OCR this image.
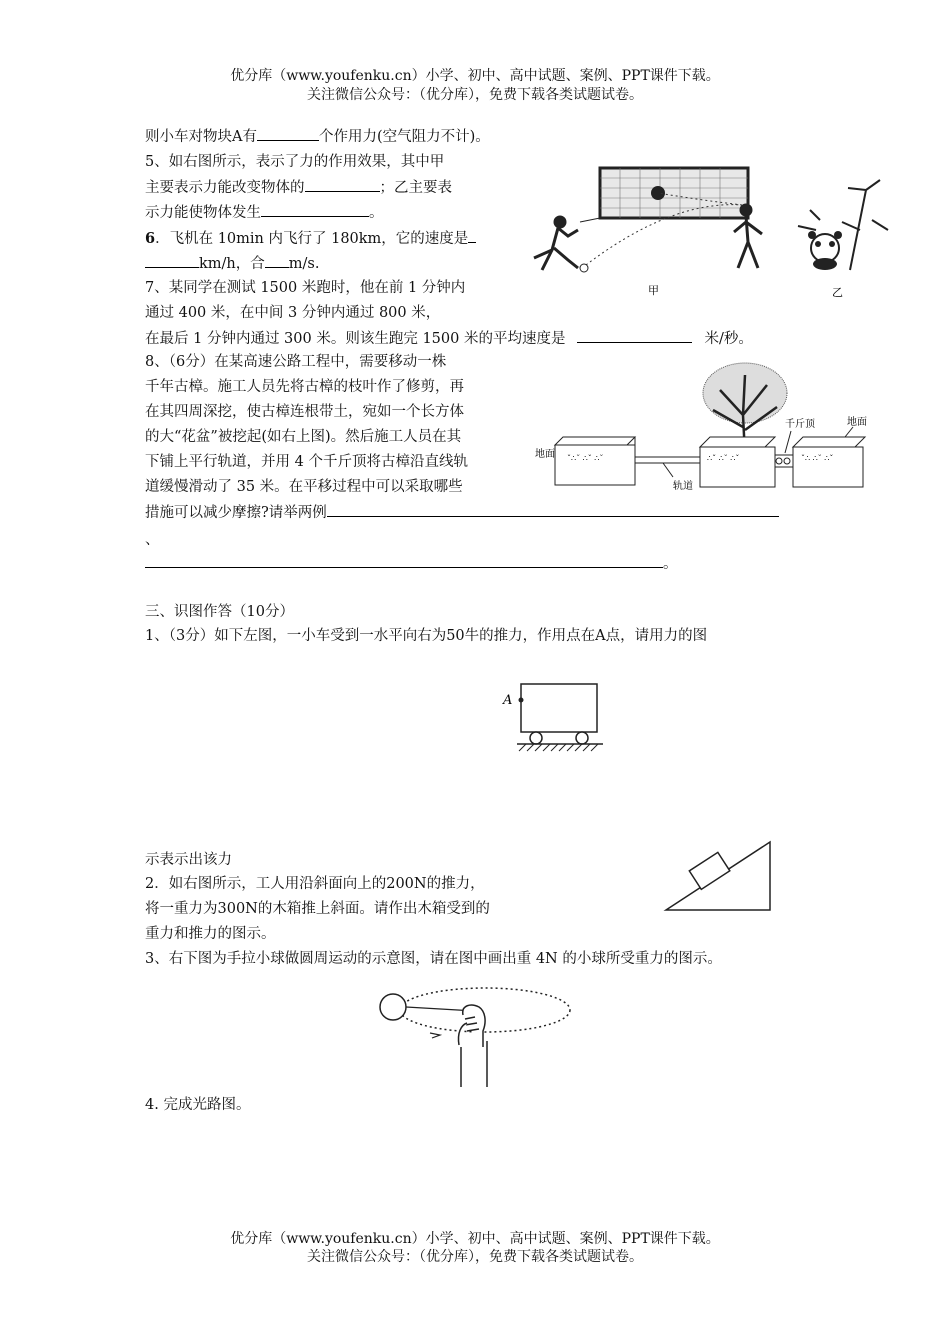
优分库（www.youfenku.cn）小学、初中、高中试题、案例、PPT课件下载。
关注微信公众号：（优分库），免费下载各类试题试卷。
则小车对物块A有	个作用力(空气阻力不计)。
5、如右图所示，表示了力的作用效果，其中甲
主要表示力能改变物体的	；乙主要表
示力能使物体发生	。
甲	乙
6．飞机在 10min 内飞行了 180km，它的速度是
km/h，合 m/s.
7、某同学在测试 1500 米跑时，他在前 1 分钟内
通过 400 米，在中间 3 分钟内通过 800 米，
在最后 1 分钟内通过 300 米。则该生跑完 1500 米的平均速度是	米/秒。
8、（6分）在某高速公路工程中，需要移动一株
千年古樟。施工人员先将古樟的枝叶作了修剪，再
在其四周深挖，使古樟连根带土，宛如一个长方体
的大“花盆”被挖起(如右上图)。然后施工人员在其
下铺上平行轨道，并用 4 个千斤顶将古樟沿直线轨
道缓慢滑动了 35 米。在平移过程中可以采取哪些
措施可以减少摩擦?请举两例
、
。
ˇ∴˘ ∴ˇ ∴˘	∴ˇ ∴˘ ∴ˇ	ˇ∴ ∴˘ ∴ˇ
地面
千斤顶	地面
轨道
三、识图作答（10分）
1、（3分）如下左图，一小车受到一水平向右为50牛的推力，作用点在A点，请用力的图
A
示表示出该力
2．如右图所示，工人用沿斜面向上的200N的推力，
将一重力为300N的木箱推上斜面。请作出木箱受到的
重力和推力的图示。
3、右下图为手拉小球做圆周运动的示意图，请在图中画出重 4N 的小球所受重力的图示。
4. 完成光路图。
优分库（www.youfenku.cn）小学、初中、高中试题、案例、PPT课件下载。
关注微信公众号：（优分库），免费下载各类试题试卷。
